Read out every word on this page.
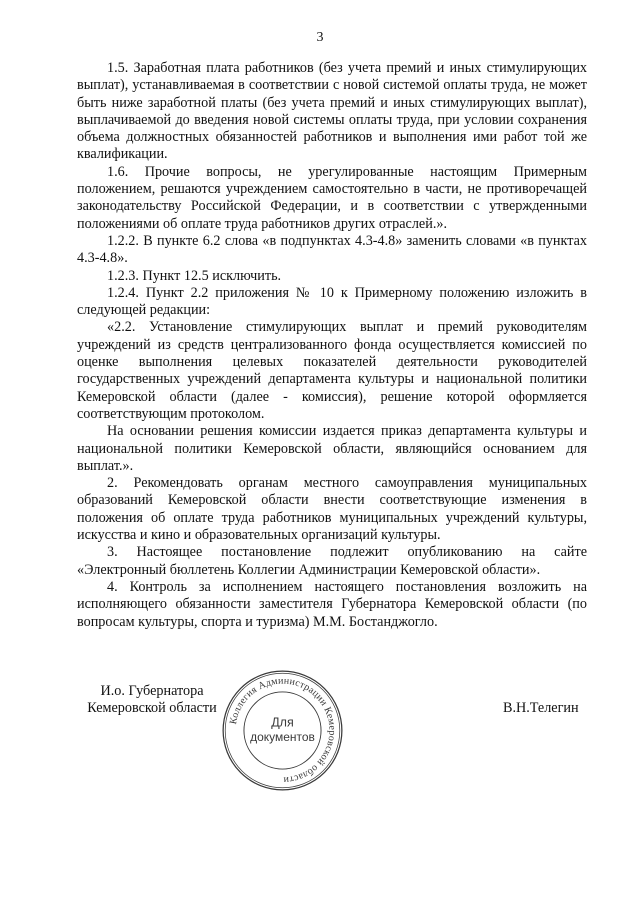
3

1.5. Заработная плата работников (без учета премий и иных стимулирующих выплат), устанавливаемая в соответствии с новой системой оплаты труда, не может быть ниже заработной платы (без учета премий и иных стимулирующих выплат), выплачиваемой до введения новой системы оплаты труда, при условии сохранения объема должностных обязанностей работников и выполнения ими работ той же квалификации.

1.6. Прочие вопросы, не урегулированные настоящим Примерным положением, решаются учреждением самостоятельно в части, не противоречащей законодательству Российской Федерации, и в соответствии с утвержденными положениями об оплате труда работников других отраслей.».

1.2.2. В пункте 6.2 слова «в подпунктах 4.3-4.8» заменить словами «в пунктах 4.3-4.8».

1.2.3. Пункт 12.5 исключить.

1.2.4. Пункт 2.2 приложения № 10 к Примерному положению изложить в следующей редакции:

«2.2. Установление стимулирующих выплат и премий руководителям учреждений из средств централизованного фонда осуществляется комиссией по оценке выполнения целевых показателей деятельности руководителей государственных учреждений департамента культуры и национальной политики Кемеровской области (далее - комиссия), решение которой оформляется соответствующим протоколом.

На основании решения комиссии издается приказ департамента культуры и национальной политики Кемеровской области, являющийся основанием для выплат.».

2. Рекомендовать органам местного самоуправления муниципальных образований Кемеровской области внести соответствующие изменения в положения об оплате труда работников муниципальных учреждений культуры, искусства и кино и образовательных организаций культуры.

3. Настоящее постановление подлежит опубликованию на сайте «Электронный бюллетень Коллегии Администрации Кемеровской области».

4. Контроль за исполнением настоящего постановления возложить на исполняющего обязанности заместителя Губернатора Кемеровской области (по вопросам культуры, спорта и туризма) М.М. Бостанджогло.

И.о. Губернатора
Кемеровской области
Коллегия Администрации Кемеровской области
Для
документов
В.Н.Телегин
